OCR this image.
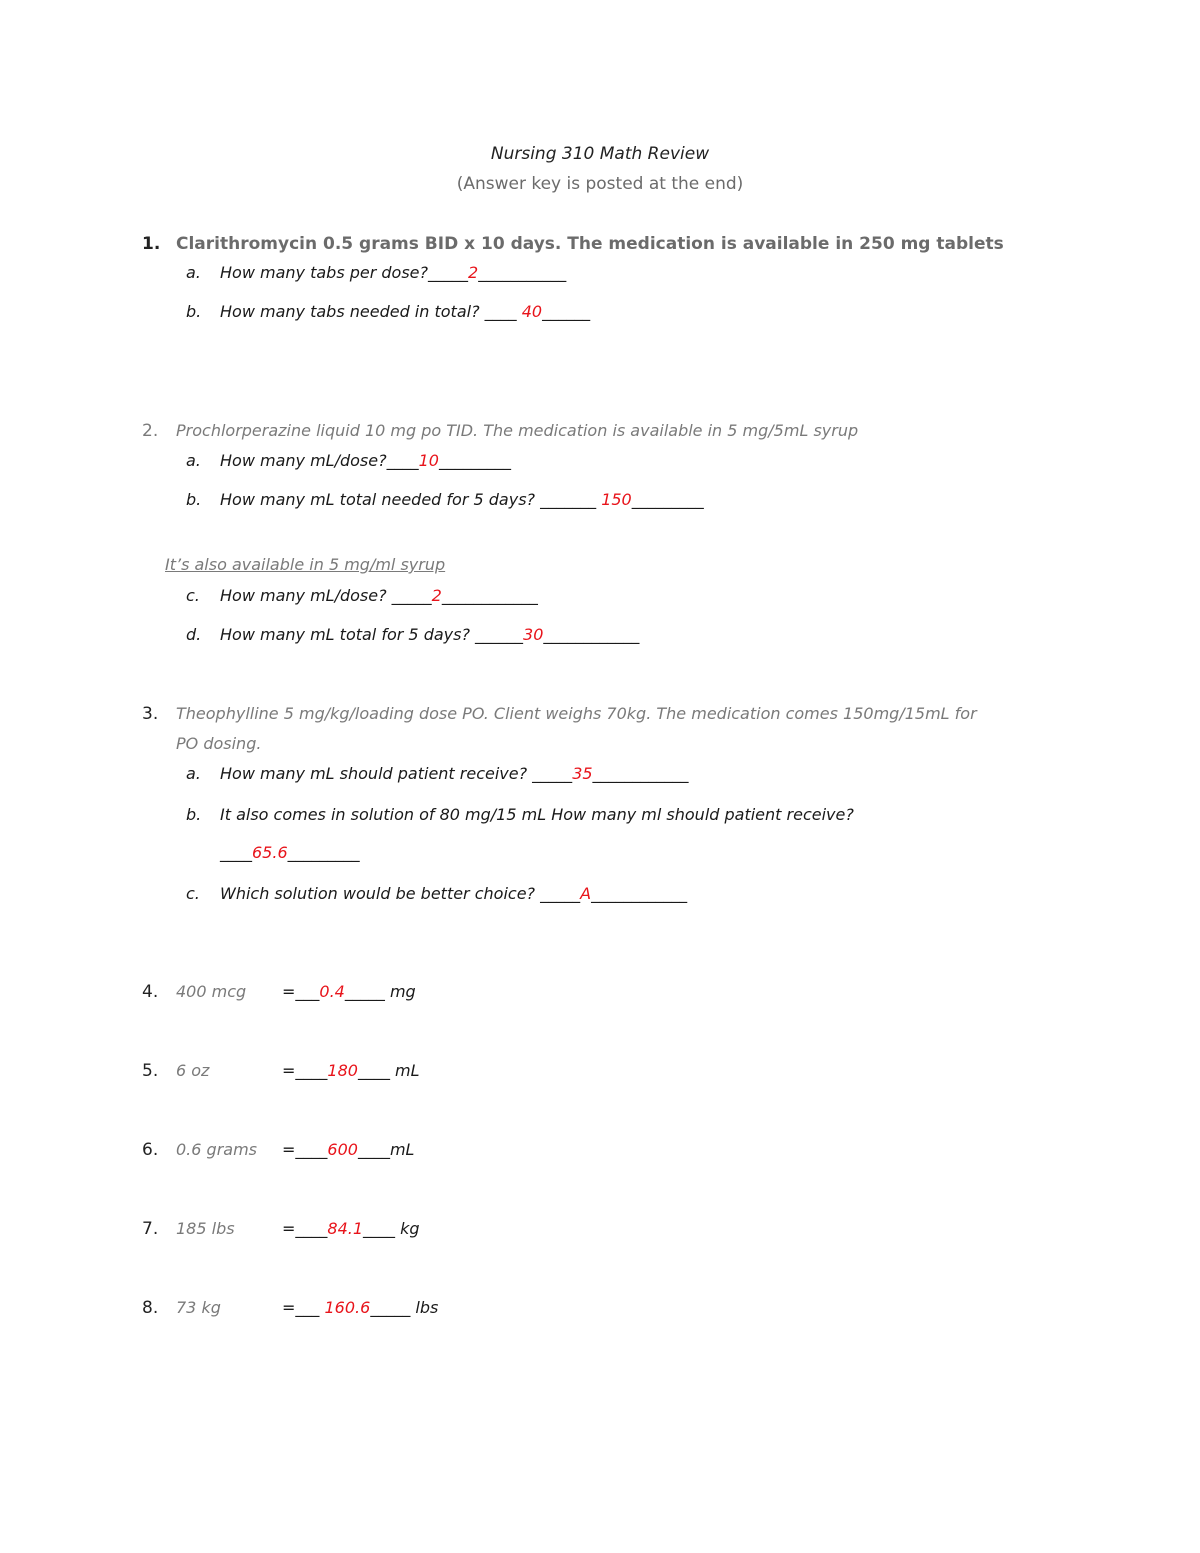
Nursing 310 Math Review
(Answer key is posted at the end)
1. Clarithromycin 0.5 grams BID x 10 days. The medication is available in 250 mg tablets
a. How many tabs per dose?_____2___________
b. How many tabs needed in total? ____ 40______
2. Prochlorperazine liquid 10 mg po TID. The medication is available in 5 mg/5mL syrup
a. How many mL/dose?____10_________
b. How many mL total needed for 5 days? _______ 150_________
It’s also available in 5 mg/ml syrup
c. How many mL/dose? _____2____________
d. How many mL total for 5 days? ______30____________
3. Theophylline 5 mg/kg/loading dose PO. Client weighs 70kg. The medication comes 150mg/15mL for
PO dosing.
a. How many mL should patient receive? _____35____________
b. It also comes in solution of 80 mg/15 mL How many ml should patient receive?
____65.6_________
c. Which solution would be better choice? _____A____________
4. 400 mcg =___0.4_____ mg
5. 6 oz	=____180____ mL
6. 0.6 grams =____600____mL
7. 185 lbs	=____84.1____ kg
8. 73 kg	=___ 160.6_____ lbs
